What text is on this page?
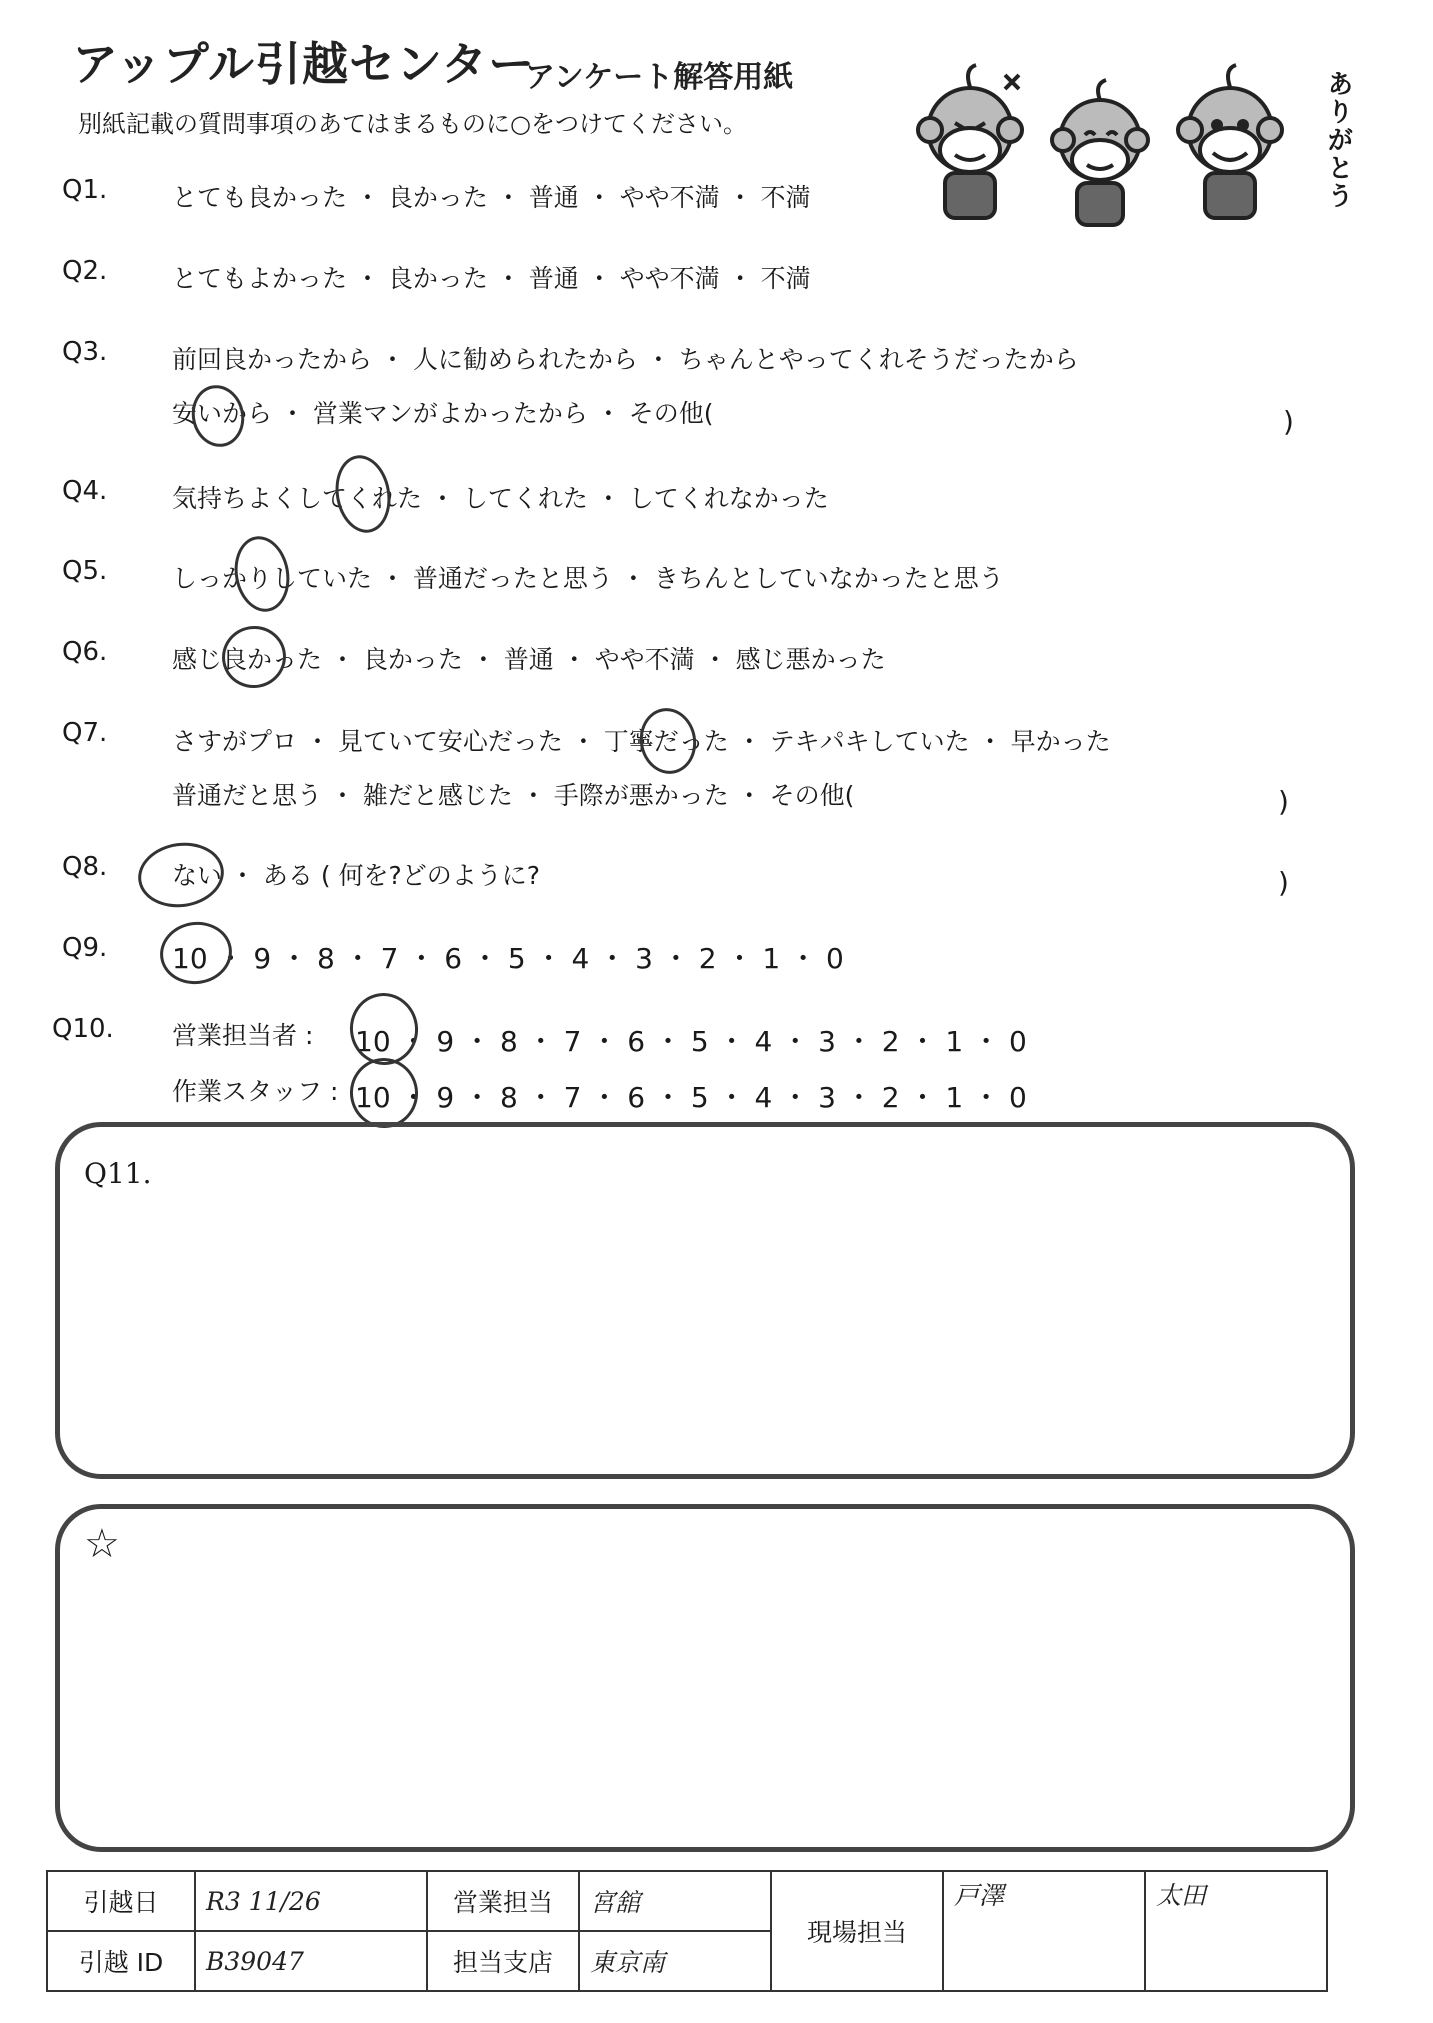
アップル引越センター
アンケート解答用紙
別紙記載の質問事項のあてはまるものに○をつけてください。	ありがとう
Q1.	とても良かった ・ 良かった ・ 普通 ・ やや不満 ・ 不満
Q2.	とてもよかった ・ 良かった ・ 普通 ・ やや不満 ・ 不満
Q3.	前回良かったから ・ 人に勧められたから ・ ちゃんとやってくれそうだったから
安いから ・ 営業マンがよかったから ・ その他(	)
Q4.	気持ちよくしてくれた ・ してくれた ・ してくれなかった
Q5.	しっかりしていた ・ 普通だったと思う ・ きちんとしていなかったと思う
Q6.	感じ良かった ・ 良かった ・ 普通 ・ やや不満 ・ 感じ悪かった
Q7.	さすがプロ ・ 見ていて安心だった ・ 丁寧だった ・ テキパキしていた ・ 早かった
普通だと思う ・ 雑だと感じた ・ 手際が悪かった ・ その他(	)
Q8.	ない ・ ある ( 何を?どのように?	)
Q9. 10 ・ 9 ・ 8 ・ 7 ・ 6 ・ 5 ・ 4 ・ 3 ・ 2 ・ 1 ・ 0
Q10. 営業担当者 : 10 ・ 9 ・ 8 ・ 7 ・ 6 ・ 5 ・ 4 ・ 3 ・ 2 ・ 1 ・ 0
作業スタッフ : 10 ・ 9 ・ 8 ・ 7 ・ 6 ・ 5 ・ 4 ・ 3 ・ 2 ・ 1 ・ 0
Q11.
☆
引越日	R3 11/26	営業担当	宮舘	現場担当	戸澤	太田
引越 ID	B39047	担当支店	東京南			
